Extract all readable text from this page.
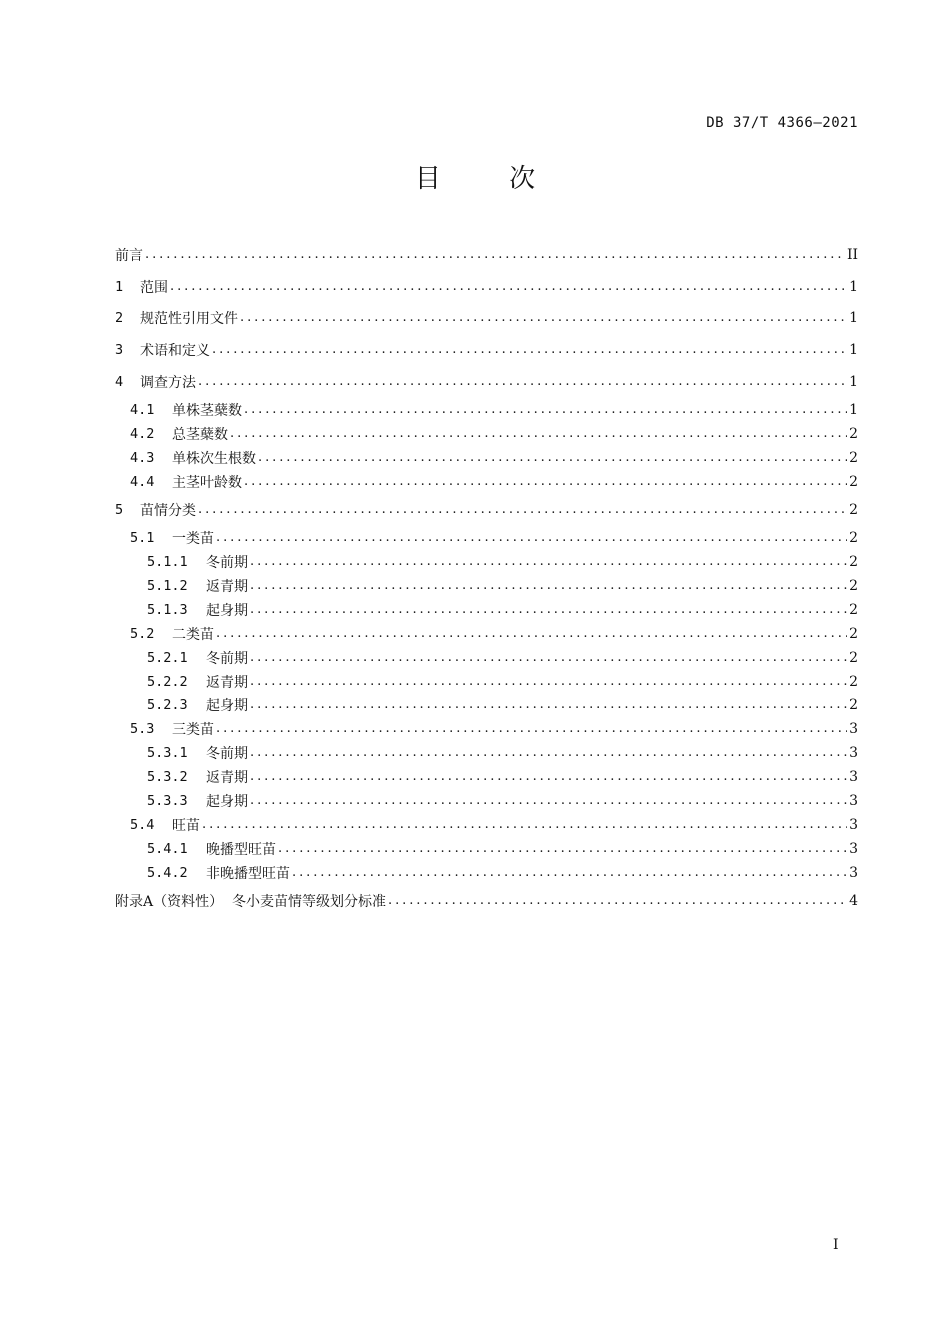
DB 37/T 4366—2021
目 次
前言 . . .	II
1	范围 . . .	1
2	规范性引用文件 . . .	1
3	术语和定义 . . .	1
4	调查方法 . . .	1
4.1	单株茎蘖数 . . .	1
4.2	总茎蘖数 . . .	2
4.3	单株次生根数 . . .	2
4.4	主茎叶龄数 . . .	2
5	苗情分类 . . .	2
5.1	一类苗 . . .	2
5.1.1	冬前期 . . .	2
5.1.2	返青期 . . .	2
5.1.3	起身期 . . .	2
5.2	二类苗 . . .	2
5.2.1	冬前期 . . .	2
5.2.2	返青期 . . .	2
5.2.3	起身期 . . .	2
5.3	三类苗 . . .	3
5.3.1	冬前期 . . .	3
5.3.2	返青期 . . .	3
5.3.3	起身期 . . .	3
5.4	旺苗 . . .	3
5.4.1	晚播型旺苗 . . .	3
5.4.2	非晚播型旺苗 . . .	3
附录A（资料性）  冬小麦苗情等级划分标准 . . .	4
I
